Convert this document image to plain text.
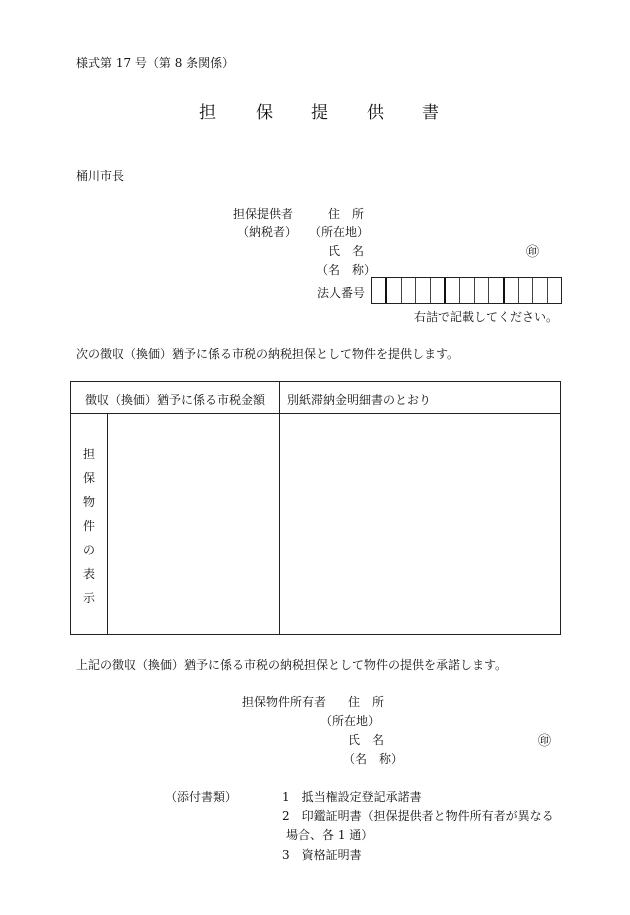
様式第 17 号（第 8 条関係）
担 保 提 供 書
桶川市長
担保提供者	住　所
（納税者） （所在地）
氏　名	㊞
（名　称）
法人番号
右詰で記載してください。
次の徴収（換価）猶予に係る市税の納税担保として物件を提供します。
徴収（換価）猶予に係る市税金額 別紙滞納金明細書のとおり
担
保
物
件
の
表
示
上記の徴収（換価）猶予に係る市税の納税担保として物件の提供を承諾します。
担保物件所有者 住　所
（所在地）
氏　名	㊞
（名　称）
（添付書類）	1　抵当権設定登記承諾書
2　印鑑証明書（担保提供者と物件所有者が異なる
場合、各 1 通）
3　資格証明書
